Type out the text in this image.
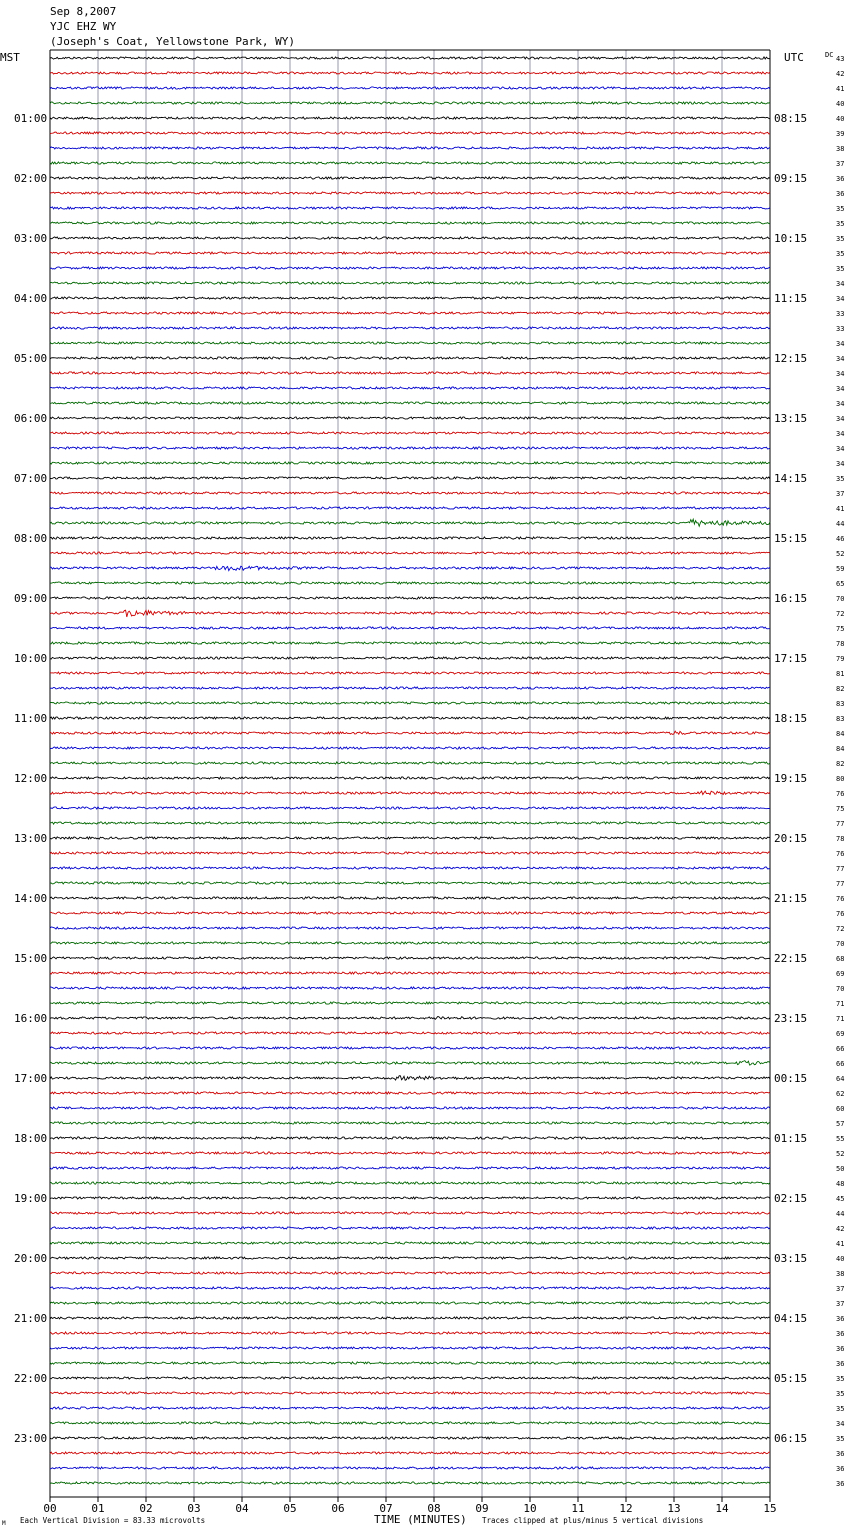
Sep 8,2007
YJC EHZ WY
(Joseph's Coat, Yellowstone Park, WY)
01:00
02:00
03:00
04:00
05:00
06:00
07:00
08:00
09:00
10:00
11:00
12:00
13:00
14:00
15:00
16:00
17:00
18:00
19:00
20:00
21:00
22:00
23:00
08:15
09:15
10:15
11:15
12:15
13:15
14:15
15:15
16:15
17:15
18:15
19:15
20:15
21:15
22:15
23:15
00:15
01:15
02:15
03:15
04:15
05:15
06:15
43
42
41
40
40
39
38
37
36
36
35
35
35
35
35
34
34
33
33
34
34
34
34
34
34
34
34
34
35
37
41
44
46
52
59
65
70
72
75
78
79
81
82
83
83
84
84
82
80
76
75
77
78
76
77
77
76
76
72
70
68
69
70
71
71
69
66
66
64
62
60
57
55
52
50
48
45
44
42
41
40
38
37
37
36
36
36
36
35
35
35
34
35
36
36
36
00	01	02	03	04	05	06	07	08	09	10	11	12	13	14	15
MST	UTC	DC
TIME (MINUTES)
Each Vertical Division = 83.33 microvolts	Traces clipped at plus/minus 5 vertical divisions
M
